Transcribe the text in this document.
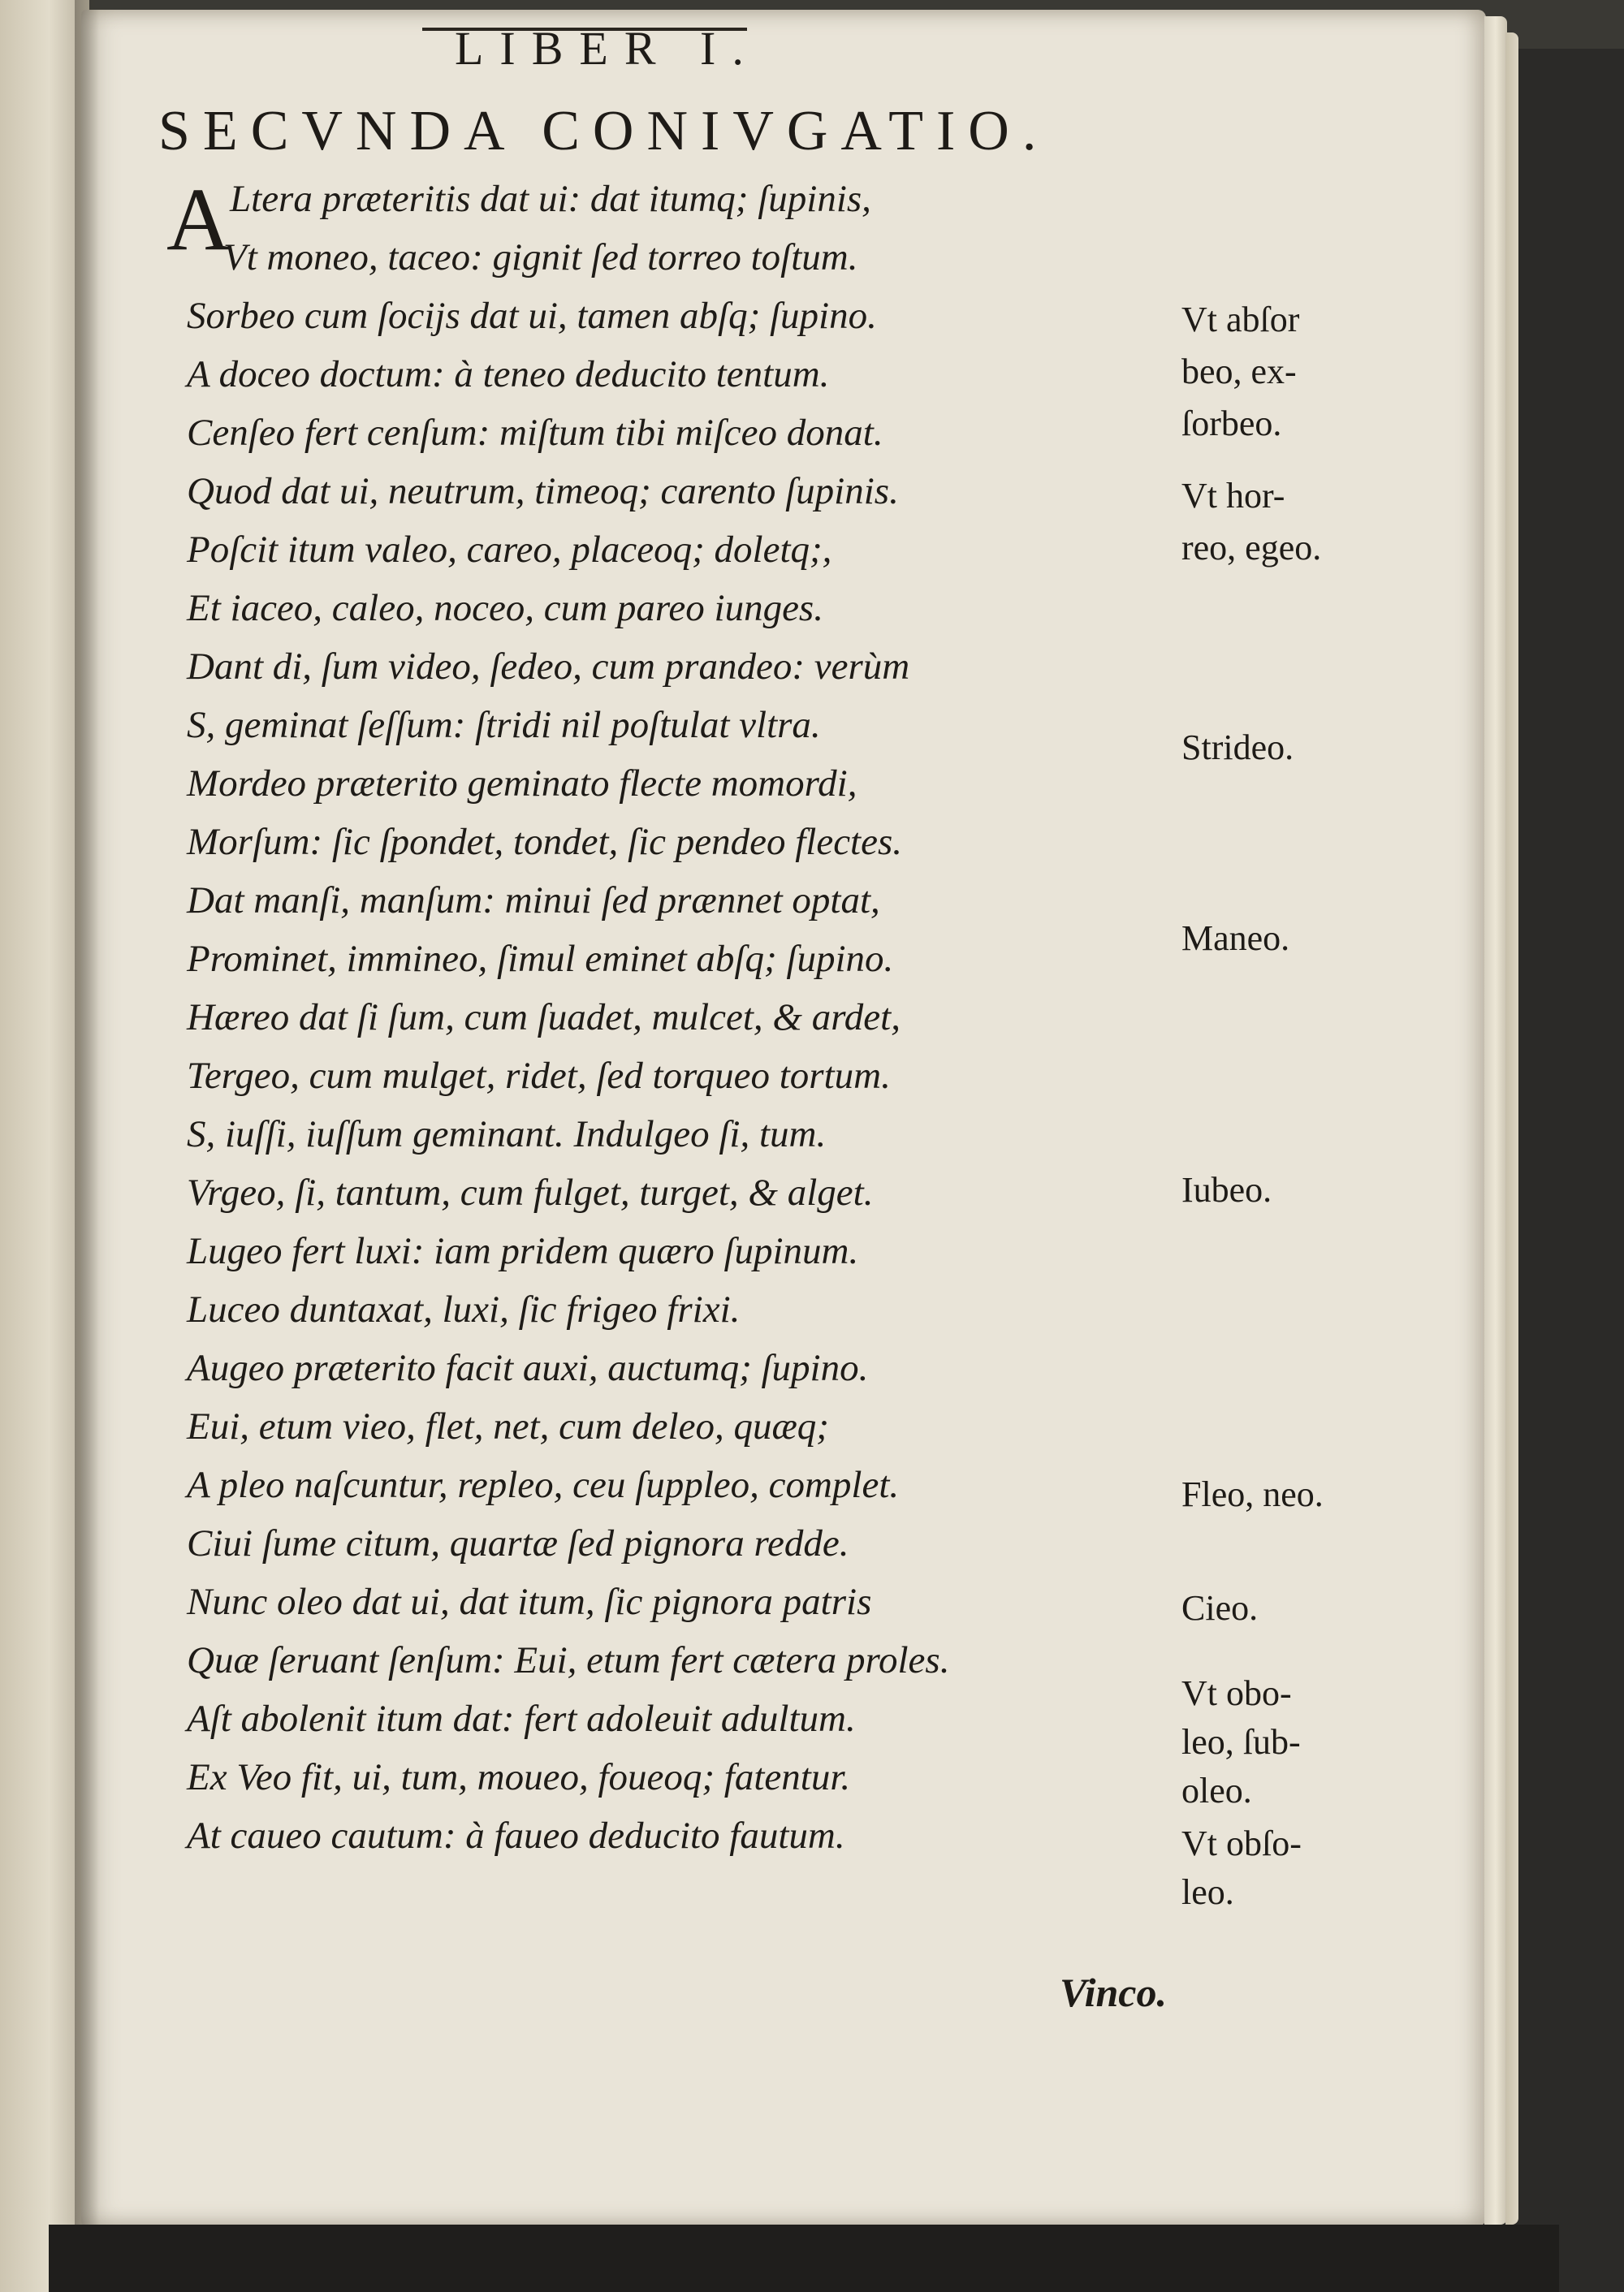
LIBER I.
SECVNDA CONIVGATIO.
A
Ltera præteritis dat ui: dat itumq; ſupinis,
Vt moneo, taceo: gignit ſed torreo toſtum.
Sorbeo cum ſocijs dat ui, tamen abſq; ſupino.
A doceo doctum: à teneo deducito tentum.
Cenſeo fert cenſum: miſtum tibi miſceo donat.
Quod dat ui, neutrum, timeoq; carento ſupinis.
Poſcit itum valeo, careo, placeoq; doletq;,
Et iaceo, caleo, noceo, cum pareo iunges.
Dant di, ſum video, ſedeo, cum prandeo: verùm
S, geminat ſeſſum: ſtridi nil poſtulat vltra.
Mordeo præterito geminato flecte momordi,
Morſum: ſic ſpondet, tondet, ſic pendeo flectes.
Dat manſi, manſum: minui ſed prænnet optat,
Prominet, immineo, ſimul eminet abſq; ſupino.
Hæreo dat ſi ſum, cum ſuadet, mulcet, & ardet,
Tergeo, cum mulget, ridet, ſed torqueo tortum.
S, iuſſi, iuſſum geminant. Indulgeo ſi, tum.
Vrgeo, ſi, tantum, cum fulget, turget, & alget.
Lugeo fert luxi: iam pridem quæro ſupinum.
Luceo duntaxat, luxi, ſic frigeo frixi.
Augeo præterito facit auxi, auctumq; ſupino.
Eui, etum vieo, flet, net, cum deleo, quæq;
A pleo naſcuntur, repleo, ceu ſuppleo, complet.
Ciui ſume citum, quartæ ſed pignora redde.
Nunc oleo dat ui, dat itum, ſic pignora patris
Quæ ſeruant ſenſum: Eui, etum fert cætera proles.
Aſt abolenit itum dat: fert adoleuit adultum.
Ex Veo fit, ui, tum, moueo, foueoq; fatentur.
At caueo cautum: à faueo deducito fautum.
Vt abſor
beo, ex-
ſorbeo.
Vt hor-
reo, egeo.
Strideo.
Maneo.
Iubeo.
Fleo, neo.
Cieo.
Vt obo-
leo, ſub-
oleo.
Vt obſo-
leo.
Vinco.
